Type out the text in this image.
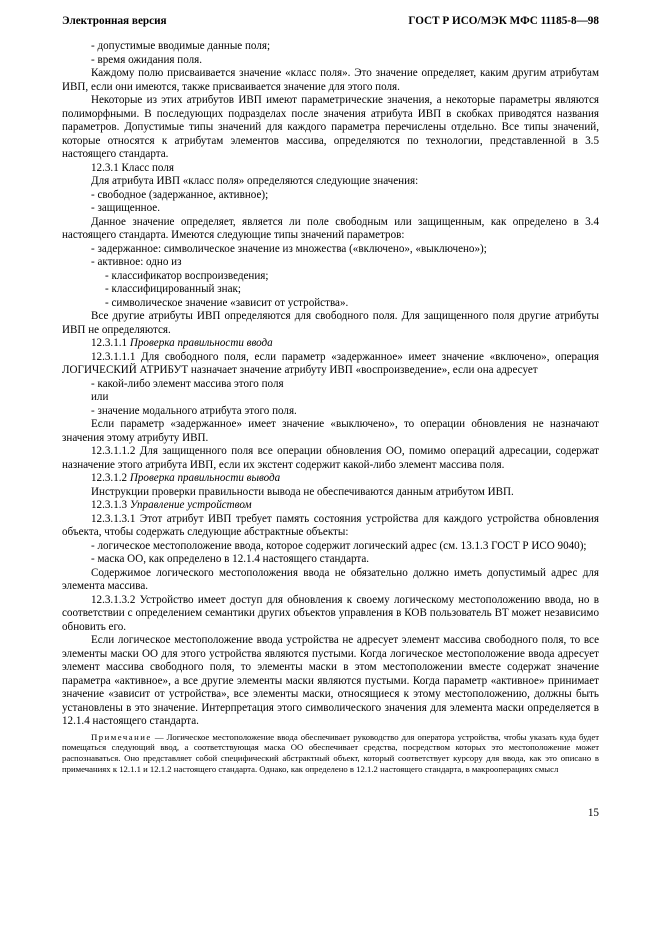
Электронная версия	ГОСТ Р ИСО/МЭК МФС 11185-8—98

- допустимые вводимые данные поля;

- время ожидания поля.

Каждому полю присваивается значение «класс поля». Это значение определяет, каким другим атрибутам ИВП, если они имеются, также присваивается значение для этого поля.

Некоторые из этих атрибутов ИВП имеют параметрические значения, а некоторые параметры являются полиморфными. В последующих подразделах после значения атрибута ИВП в скобках приводятся названия параметров. Допустимые типы значений для каждого параметра перечислены отдельно. Все типы значений, которые относятся к атрибутам элементов массива, определяются по технологии, представленной в 3.5 настоящего стандарта.

12.3.1 Класс поля

Для атрибута ИВП «класс поля» определяются следующие значения:

- свободное (задержанное, активное);

- защищенное.

Данное значение определяет, является ли поле свободным или защищенным, как определено в 3.4 настоящего стандарта. Имеются следующие типы значений параметров:

- задержанное: символическое значение из множества («включено», «выключено»);

- активное: одно из

- классификатор воспроизведения;

- классифицированный знак;

- символическое значение «зависит от устройства».

Все другие атрибуты ИВП определяются для свободного поля. Для защищенного поля другие атрибуты ИВП не определяются.

12.3.1.1 Проверка правильности ввода

12.3.1.1.1 Для свободного поля, если параметр «задержанное» имеет значение «включено», операция ЛОГИЧЕСКИЙ АТРИБУТ назначает значение атрибуту ИВП «воспроизведение», если она адресует

- какой-либо элемент массива этого поля

или

- значение модального атрибута этого поля.

Если параметр «задержанное» имеет значение «выключено», то операции обновления не назначают значения этому атрибуту ИВП.

12.3.1.1.2 Для защищенного поля все операции обновления ОО, помимо операций адресации, содержат назначение этого атрибута ИВП, если их экстент содержит какой-либо элемент массива поля.

12.3.1.2 Проверка правильности вывода

Инструкции проверки правильности вывода не обеспечиваются данным атрибутом ИВП.

12.3.1.3 Управление устройством

12.3.1.3.1 Этот атрибут ИВП требует память состояния устройства для каждого устройства обновления объекта, чтобы содержать следующие абстрактные объекты:

- логическое местоположение ввода, которое содержит логический адрес (см. 13.1.3 ГОСТ Р ИСО 9040);

- маска ОО, как определено в 12.1.4 настоящего стандарта.

Содержимое логического местоположения ввода не обязательно должно иметь допустимый адрес для элемента массива.

12.3.1.3.2 Устройство имеет доступ для обновления к своему логическому местоположению ввода, но в соответствии с определением семантики других объектов управления в КОВ пользователь ВТ может независимо обновить его.

Если логическое местоположение ввода устройства не адресует элемент массива свободного поля, то все элементы маски ОО для этого устройства являются пустыми. Когда логическое местоположение ввода адресует элемент массива свободного поля, то элементы маски в этом местоположении вместе содержат значение параметра «активное», а все другие элементы маски являются пустыми. Когда параметр «активное» принимает значение «зависит от устройства», все элементы маски, относящиеся к этому местоположению, должны быть установлены в это значение. Интерпретация этого символического значения для элемента маски определяется в 12.1.4 настоящего стандарта.

Примечание — Логическое местоположение ввода обеспечивает руководство для оператора устройства, чтобы указать куда будет помещаться следующий ввод, а соответствующая маска ОО обеспечивает средства, посредством которых это местоположение может распознаваться. Оно представляет собой специфический абстрактный объект, который соответствует курсору для ввода, как это описано в примечаниях к 12.1.1 и 12.1.2 настоящего стандарта. Однако, как определено в 12.1.2 настоящего стандарта, в макрооперациях смысл

15
